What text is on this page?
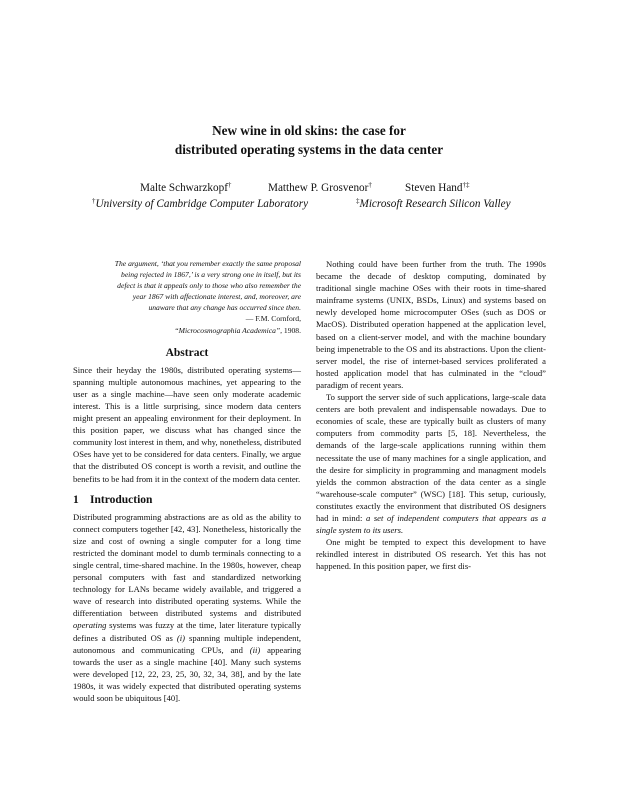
New wine in old skins: the case for
distributed operating systems in the data center
Malte Schwarzkopf†	Matthew P. Grosvenor†	Steven Hand†‡
†University of Cambridge Computer Laboratory	‡Microsoft Research Silicon Valley
The argument, ‘that you remember exactly the same proposal
being rejected in 1867,’ is a very strong one in itself, but its
defect is that it appeals only to those who also remember the
year 1867 with affectionate interest, and, moreover, are
unaware that any change has occurred since then.
— F.M. Cornford,
“Microcosmographia Academica”, 1908.
Abstract

Since their heyday the 1980s, distributed operating systems—spanning multiple autonomous machines, yet appearing to the user as a single machine—have seen only moderate academic interest. This is a little surprising, since modern data centers might present an appealing environment for their deployment. In this position paper, we discuss what has changed since the community lost interest in them, and why, nonetheless, distributed OSes have yet to be considered for data centers. Finally, we argue that the distributed OS concept is worth a revisit, and outline the benefits to be had from it in the context of the modern data center.

1 Introduction

Distributed programming abstractions are as old as the ability to connect computers together [42, 43]. Nonetheless, historically the size and cost of owning a single computer for a long time restricted the dominant model to dumb terminals connecting to a single central, time-shared machine. In the 1980s, however, cheap personal computers with fast and standardized networking technology for LANs became widely available, and triggered a wave of research into distributed operating systems. While the differentiation between distributed systems and distributed operating systems was fuzzy at the time, later literature typically defines a distributed OS as (i) spanning multiple independent, autonomous and communicating CPUs, and (ii) appearing towards the user as a single machine [40]. Many such systems were developed [12, 22, 23, 25, 30, 32, 34, 38], and by the late 1980s, it was widely expected that distributed operating systems would soon be ubiquitous [40].

Nothing could have been further from the truth. The 1990s became the decade of desktop computing, dominated by traditional single machine OSes with their roots in time-shared mainframe systems (UNIX, BSDs, Linux) and systems based on newly developed home microcomputer OSes (such as DOS or MacOS). Distributed operation happened at the application level, based on a client-server model, and with the machine boundary being impenetrable to the OS and its abstractions. Upon the client-server model, the rise of internet-based services proliferated a hosted application model that has culminated in the “cloud” paradigm of recent years.

To support the server side of such applications, large-scale data centers are both prevalent and indispensable nowadays. Due to economies of scale, these are typically built as clusters of many computers from commodity parts [5, 18]. Nevertheless, the demands of the large-scale applications running within them necessitate the use of many machines for a single application, and the desire for simplicity in programming and managment models yields the common abstraction of the data center as a single “warehouse-scale computer” (WSC) [18]. This setup, curiously, constitutes exactly the environment that distributed OS designers had in mind: a set of independent computers that appears as a single system to its users.

One might be tempted to expect this development to have rekindled interest in distributed OS research. Yet this has not happened. In this position paper, we first dis-
